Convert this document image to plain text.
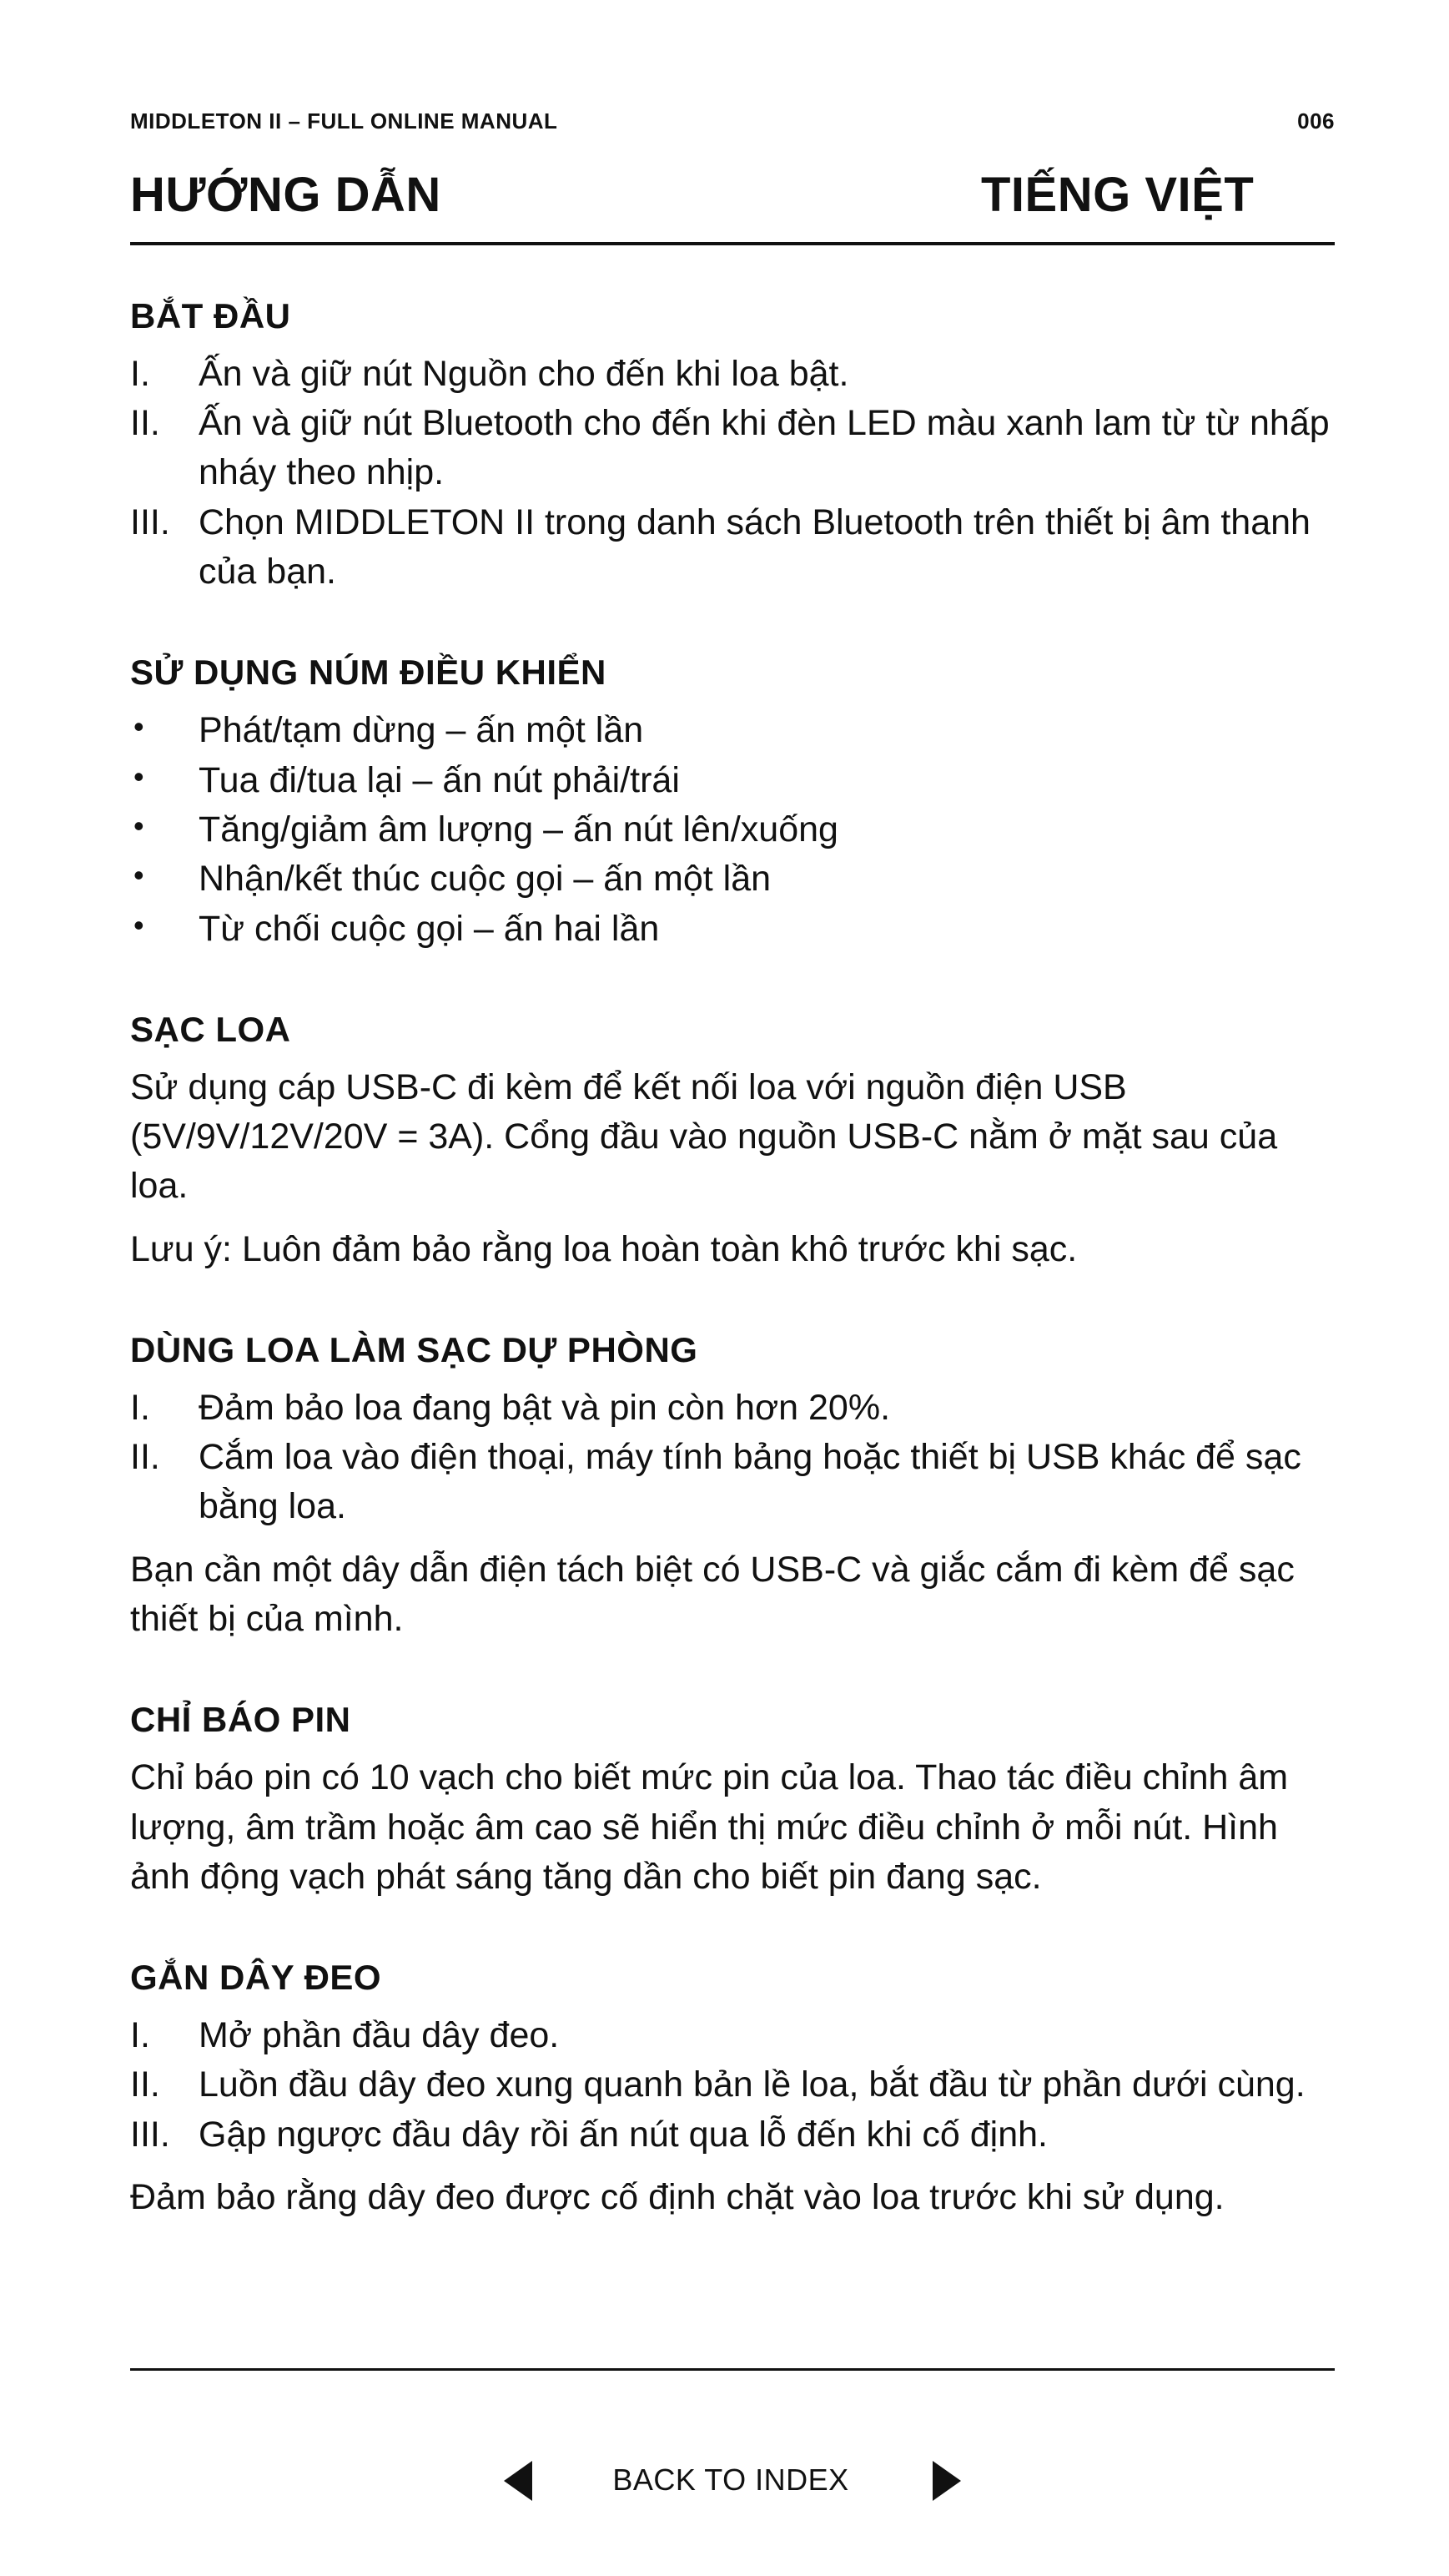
MIDDLETON II – FULL ONLINE MANUAL	006
HƯỚNG DẪN	TIẾNG VIỆT
BẮT ĐẦU
I.	Ấn và giữ nút Nguồn cho đến khi loa bật.
II.	Ấn và giữ nút Bluetooth cho đến khi đèn LED màu xanh lam từ từ nhấp nháy theo nhịp.
III. Chọn MIDDLETON II trong danh sách Bluetooth trên thiết bị âm thanh của bạn.
SỬ DỤNG NÚM ĐIỀU KHIỂN
•	Phát/tạm dừng – ấn một lần
•	Tua đi/tua lại – ấn nút phải/trái
•	Tăng/giảm âm lượng – ấn nút lên/xuống
•	Nhận/kết thúc cuộc gọi – ấn một lần
•	Từ chối cuộc gọi – ấn hai lần
SẠC LOA

Sử dụng cáp USB-C đi kèm để kết nối loa với nguồn điện USB (5V/9V/12V/20V = 3A). Cổng đầu vào nguồn USB-C nằm ở mặt sau của loa.

Lưu ý: Luôn đảm bảo rằng loa hoàn toàn khô trước khi sạc.

DÙNG LOA LÀM SẠC DỰ PHÒNG
I.	Đảm bảo loa đang bật và pin còn hơn 20%.
II.	Cắm loa vào điện thoại, máy tính bảng hoặc thiết bị USB khác để sạc bằng loa.

Bạn cần một dây dẫn điện tách biệt có USB-C và giắc cắm đi kèm để sạc thiết bị của mình.

CHỈ BÁO PIN

Chỉ báo pin có 10 vạch cho biết mức pin của loa. Thao tác điều chỉnh âm lượng, âm trầm hoặc âm cao sẽ hiển thị mức điều chỉnh ở mỗi nút. Hình ảnh động vạch phát sáng tăng dần cho biết pin đang sạc.

GẮN DÂY ĐEO
I.	Mở phần đầu dây đeo.
II.	Luồn đầu dây đeo xung quanh bản lề loa, bắt đầu từ phần dưới cùng.
III. Gập ngược đầu dây rồi ấn nút qua lỗ đến khi cố định.

Đảm bảo rằng dây đeo được cố định chặt vào loa trước khi sử dụng.

BACK TO INDEX
